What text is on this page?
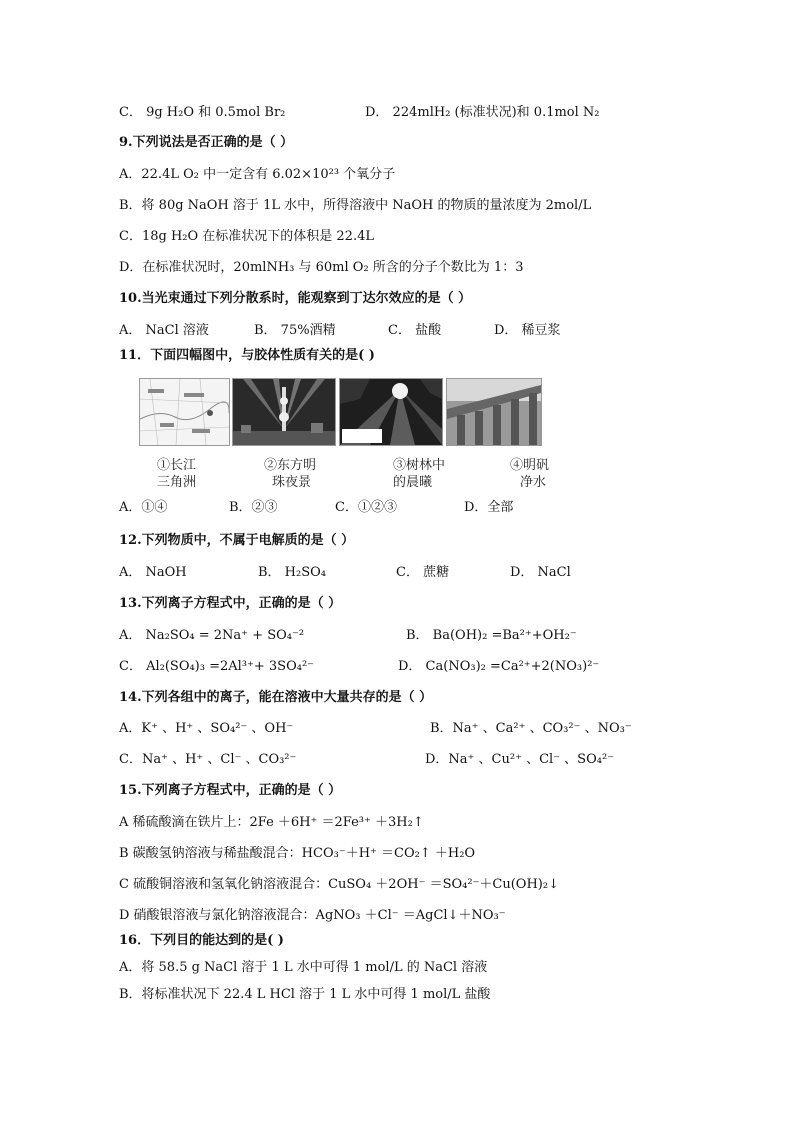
C． 9g H₂O 和 0.5mol Br₂	D． 224mlH₂ (标准状况)和 0.1mol N₂
9.下列说法是否正确的是（ ）
A．22.4L O₂ 中一定含有 6.02×10²³ 个氧分子
B．将 80g NaOH 溶于 1L 水中，所得溶液中 NaOH 的物质的量浓度为 2mol/L
C．18g H₂O 在标准状况下的体积是 22.4L
D．在标准状况时，20mlNH₃ 与 60ml O₂ 所含的分子个数比为 1：3
10.当光束通过下列分散系时，能观察到丁达尔效应的是（ ）
A． NaCl 溶液	B． 75%酒精	C． 盐酸	D． 稀豆浆
11．下面四幅图中，与胶体性质有关的是( )
①长江
三角洲
②东方明
珠夜景
③树林中
的晨曦
④明矾
净水
A．①④	B．②③	C．①②③	D．全部
12.下列物质中，不属于电解质的是（ ）
A． NaOH	B． H₂SO₄	C． 蔗糖	D． NaCl
13.下列离子方程式中，正确的是（ ）
A． Na₂SO₄ = 2Na⁺ + SO₄⁻²	B． Ba(OH)₂ =Ba²⁺+OH₂⁻
C． Al₂(SO₄)₃ =2Al³⁺+ 3SO₄²⁻	D． Ca(NO₃)₂ =Ca²⁺+2(NO₃)²⁻
14.下列各组中的离子，能在溶液中大量共存的是（ ）
A．K⁺ 、H⁺ 、SO₄²⁻ 、OH⁻	B．Na⁺ 、Ca²⁺ 、CO₃²⁻ 、NO₃⁻
C．Na⁺ 、H⁺ 、Cl⁻ 、CO₃²⁻	D．Na⁺ 、Cu²⁺ 、Cl⁻ 、SO₄²⁻
15.下列离子方程式中，正确的是（ ）
A 稀硫酸滴在铁片上：2Fe ＋6H⁺ ＝2Fe³⁺ ＋3H₂↑
B 碳酸氢钠溶液与稀盐酸混合：HCO₃⁻＋H⁺ ＝CO₂↑ ＋H₂O
C 硫酸铜溶液和氢氧化钠溶液混合：CuSO₄ ＋2OH⁻ ＝SO₄²⁻＋Cu(OH)₂↓
D 硝酸银溶液与氯化钠溶液混合：AgNO₃ ＋Cl⁻ ＝AgCl↓＋NO₃⁻
16．下列目的能达到的是( )
A．将 58.5 g NaCl 溶于 1 L 水中可得 1 mol/L 的 NaCl 溶液
B．将标准状况下 22.4 L HCl 溶于 1 L 水中可得 1 mol/L 盐酸
